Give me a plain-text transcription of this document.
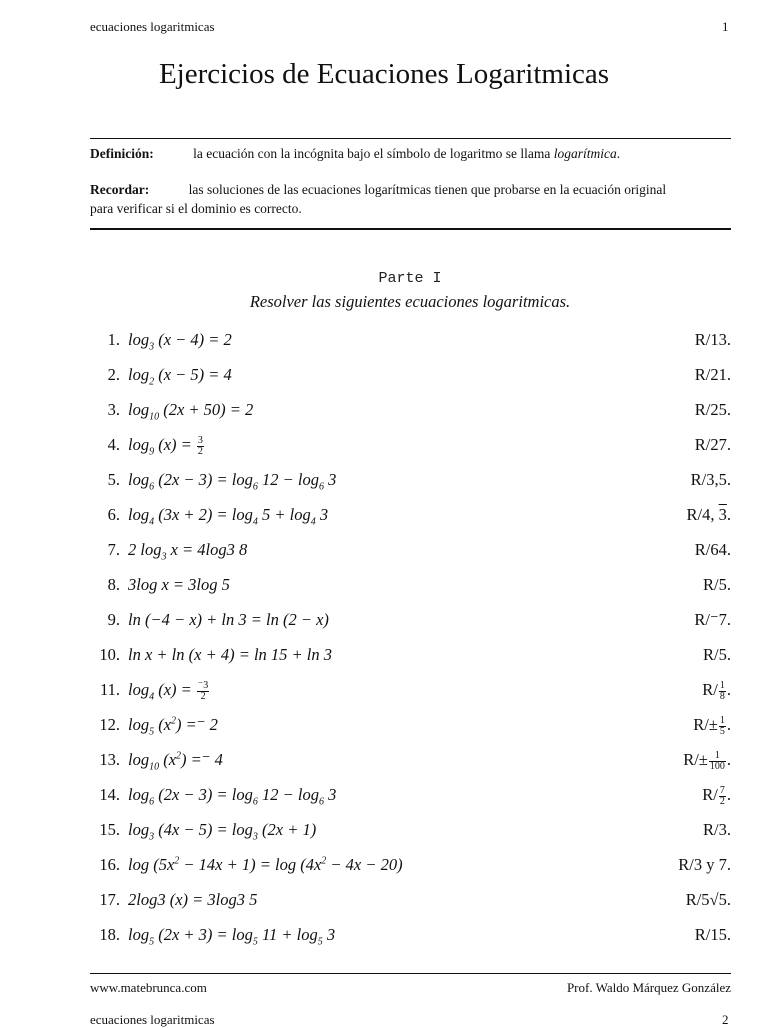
ecuaciones logaritmicas	1
Ejercicios de Ecuaciones Logaritmicas
Definición:	la ecuación con la incógnita bajo el símbolo de logaritmo se llama logarítmica.
Recordar:	las soluciones de las ecuaciones logarítmicas tienen que probarse en la ecuación original
para verificar si el dominio es correcto.
Parte I
Resolver las siguientes ecuaciones logaritmicas.
1. $\log_3 (x - 4) = 2$	R/13.
2. $\log_2 (x - 5) = 4$	R/21.
3. $\log_{10} (2x + 50) = 2$	R/25.
4. $\log_9 (x) = \frac{3}{2}$	R/27.
5. $\log_6 (2x - 3) = \log_6 12 - \log_6 3$	R/3,5.
6. $\log_4 (3x + 2) = \log_4 5 + \log_4 3$	R/4, 3.
7. 2 $\log_3 x = 4\log 3$ 8	R/64.
8. 3log x = 3log 5	R/5.
9. ln (−4 − x) + ln 3 = ln (2 − x)	R/⁻7.
10. ln x + ln (x + 4) = ln 15 + ln 3	R/5.
11. $\log_4 (x) = \frac{^-3}{2}$	$R/ \frac{1}{8}$ .
12. $\log_5 (x^2)$ =⁻ 2	$R/\pm \frac{1}{5}$ .
13. $\log_{10} (x^2)$ =⁻ 4	$R/\pm \frac{1}{100}$ .
14. $\log_6 (2x - 3) = \log_6 12 - \log_6 3$	$R/ \frac{7}{2}$ .
15. $\log_3 (4x - 5) = \log_3 (2x + 1)$	R/3.
16. $\log (5x^2 - 14x + 1) = \log (4x^2 - 4x - 20)$	R/3 y 7.
17. 2log3 (x) = 3log3 5	R/5√5.
18. $\log_5 (2x + 3) = \log_5 11 + \log_5 3$	R/15.
www.matebrunca.com	Prof. Waldo Márquez González
ecuaciones logaritmicas	2
